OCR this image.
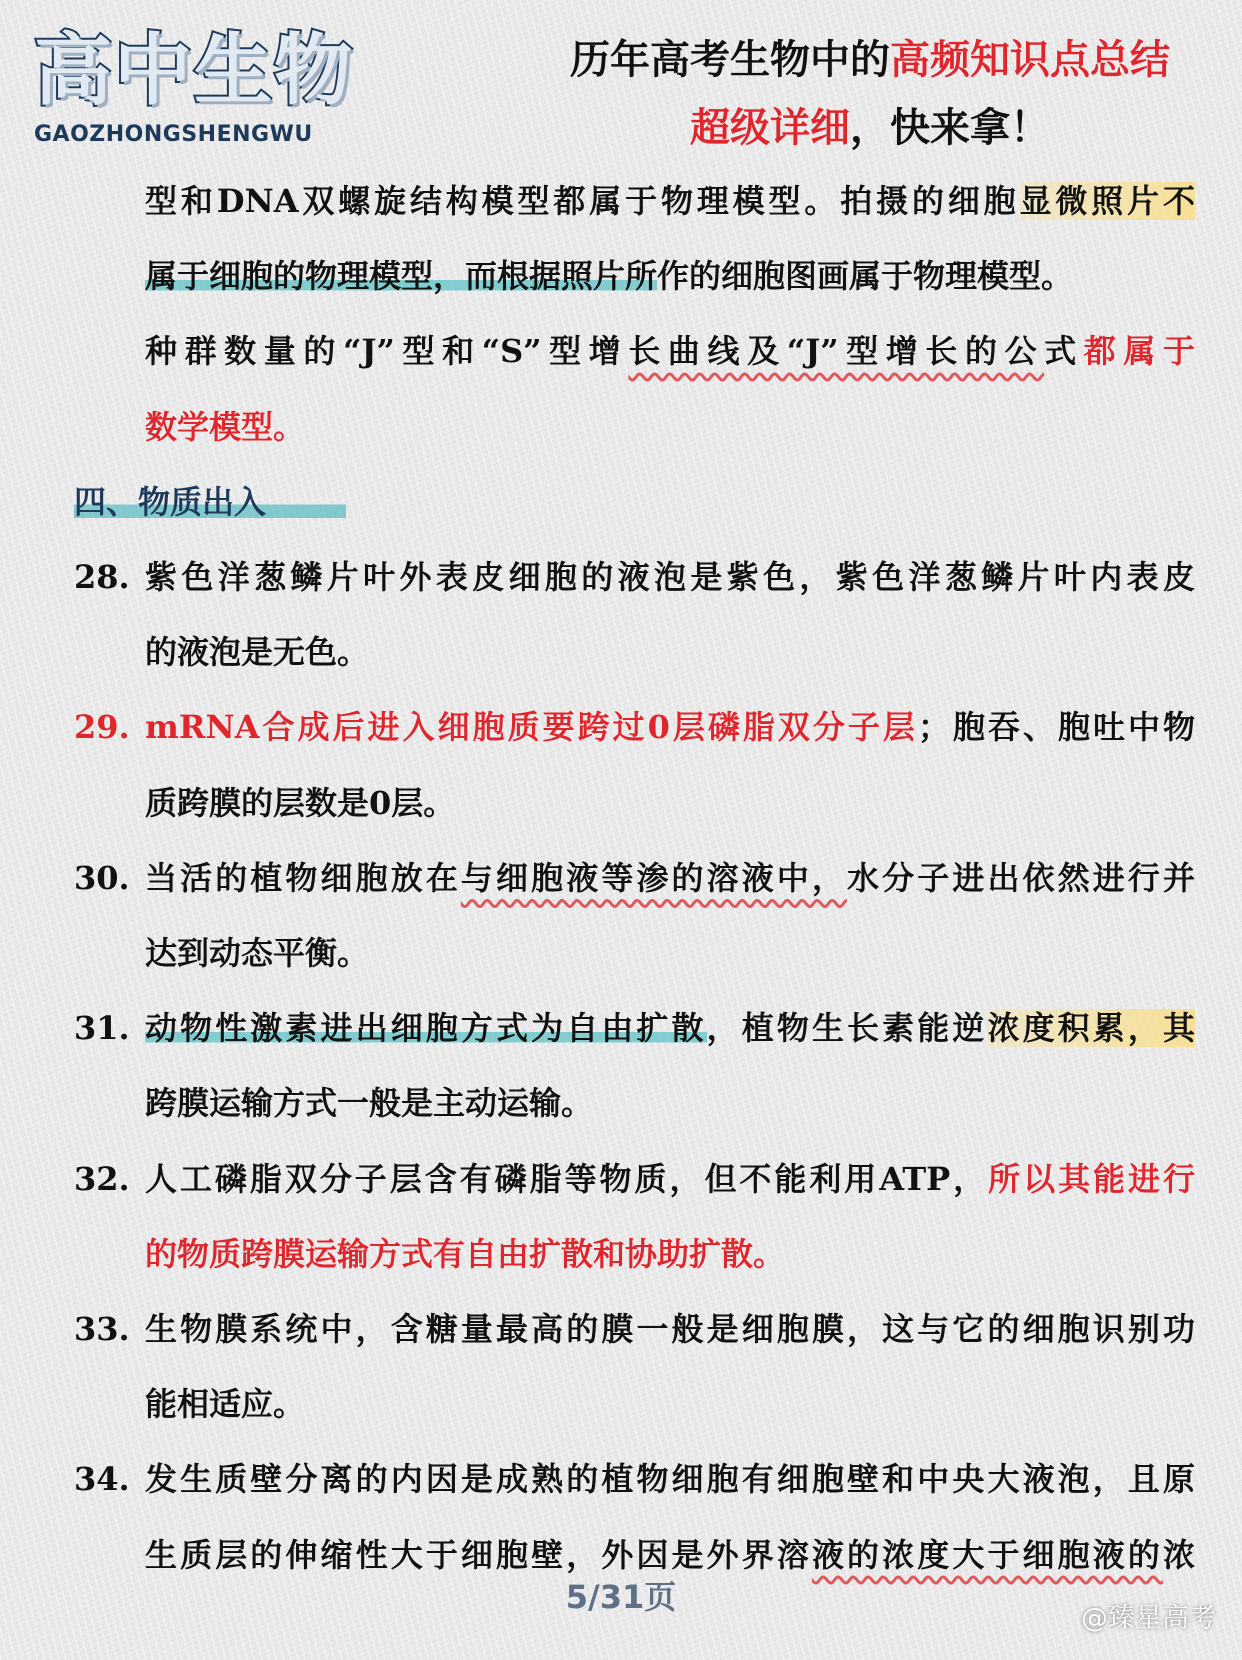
高中生物
GAOZHONGSHENGWU
历年高考生物中的高频知识点总结
超级详细，快来拿！
型和DNA双螺旋结构模型都属于物理模型。拍摄的细胞显微照片不
属于细胞的物理模型，而根据照片所作的细胞图画属于物理模型。
种群数量的“J”型和“S”型增长曲线及“J”型增长的公式都属于
数学模型。
四、物质出入
28. 紫色洋葱鳞片叶外表皮细胞的液泡是紫色，紫色洋葱鳞片叶内表皮
的液泡是无色。
29. mRNA合成后进入细胞质要跨过0层磷脂双分子层；胞吞、胞吐中物
质跨膜的层数是0层。
30. 当活的植物细胞放在与细胞液等渗的溶液中，水分子进出依然进行并
达到动态平衡。
31. 动物性激素进出细胞方式为自由扩散，植物生长素能逆浓度积累，其
跨膜运输方式一般是主动运输。
32. 人工磷脂双分子层含有磷脂等物质，但不能利用ATP，所以其能进行
的物质跨膜运输方式有自由扩散和协助扩散。
33. 生物膜系统中，含糖量最高的膜一般是细胞膜，这与它的细胞识别功
能相适应。
34. 发生质壁分离的内因是成熟的植物细胞有细胞壁和中央大液泡，且原
生质层的伸缩性大于细胞壁，外因是外界溶液的浓度大于细胞液的浓
5/31页
@臻星高考
